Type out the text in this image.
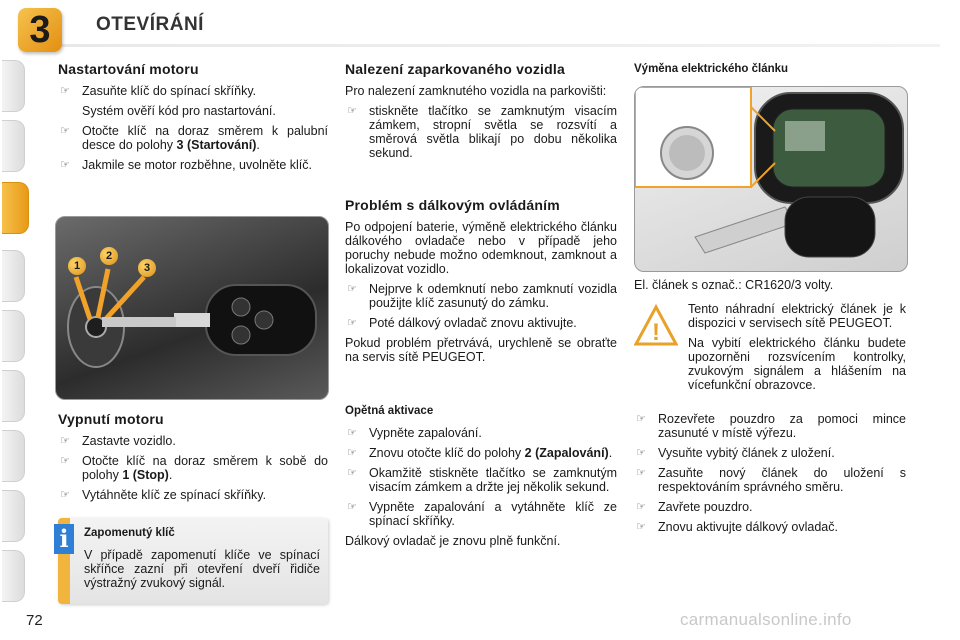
3	OTEVÍRÁNÍ
Nastartování motoru
☞ Zasuňte klíč do spínací skříňky.

Systém ověří kód pro nastartování.

☞ Otočte klíč na doraz směrem k palubní desce do polohy 3 (Startování).
☞ Jakmile se motor rozběhne, uvolněte klíč.
1
2
3
Vypnutí motoru
☞ Zastavte vozidlo.
☞ Otočte klíč na doraz směrem k sobě do polohy 1 (Stop).
☞ Vytáhněte klíč ze spínací skříňky.
i	Zapomenutý klíč

V případě zapomenutí klíče ve spínací skříňce zazní při otevření dveří řidiče výstražný zvukový signál.

Nalezení zaparkovaného vozidla

Pro nalezení zamknutého vozidla na parkovišti:

☞ stiskněte tlačítko se zamknutým visacím zámkem, stropní světla se rozsvítí a směrová světla blikají po dobu několika sekund.
Problém s dálkovým ovládáním

Po odpojení baterie, výměně elektrického článku dálkového ovladače nebo v případě jeho poruchy nebude možno odemknout, zamknout a lokalizovat vozidlo.

☞ Nejprve k odemknutí nebo zamknutí vozidla použijte klíč zasunutý do zámku.
☞ Poté dálkový ovladač znovu aktivujte.

Pokud problém přetrvává, urychleně se obraťte na servis sítě PEUGEOT.

Opětná aktivace
☞ Vypněte zapalování.
☞ Znovu otočte klíč do polohy 2 (Zapalování).
☞ Okamžitě stiskněte tlačítko se zamknutým visacím zámkem a držte jej několik sekund.
☞ Vypněte zapalování a vytáhněte klíč ze spínací skříňky.

Dálkový ovladač je znovu plně funkční.

Výměna elektrického článku

El. článek s označ.: CR1620/3 volty.

!

Tento náhradní elektrický článek je k dispozici v servisech sítě PEUGEOT.

Na vybití elektrického článku budete upozorněni rozsvícením kontrolky, zvukovým signálem a hlášením na vícefunkční obrazovce.

☞ Rozevřete pouzdro za pomoci mince zasunuté v místě výřezu.
☞ Vysuňte vybitý článek z uložení.
☞ Zasuňte nový článek do uložení s respektováním správného směru.
☞ Zavřete pouzdro.
☞ Znovu aktivujte dálkový ovladač.
72	carmanualsonline.info
